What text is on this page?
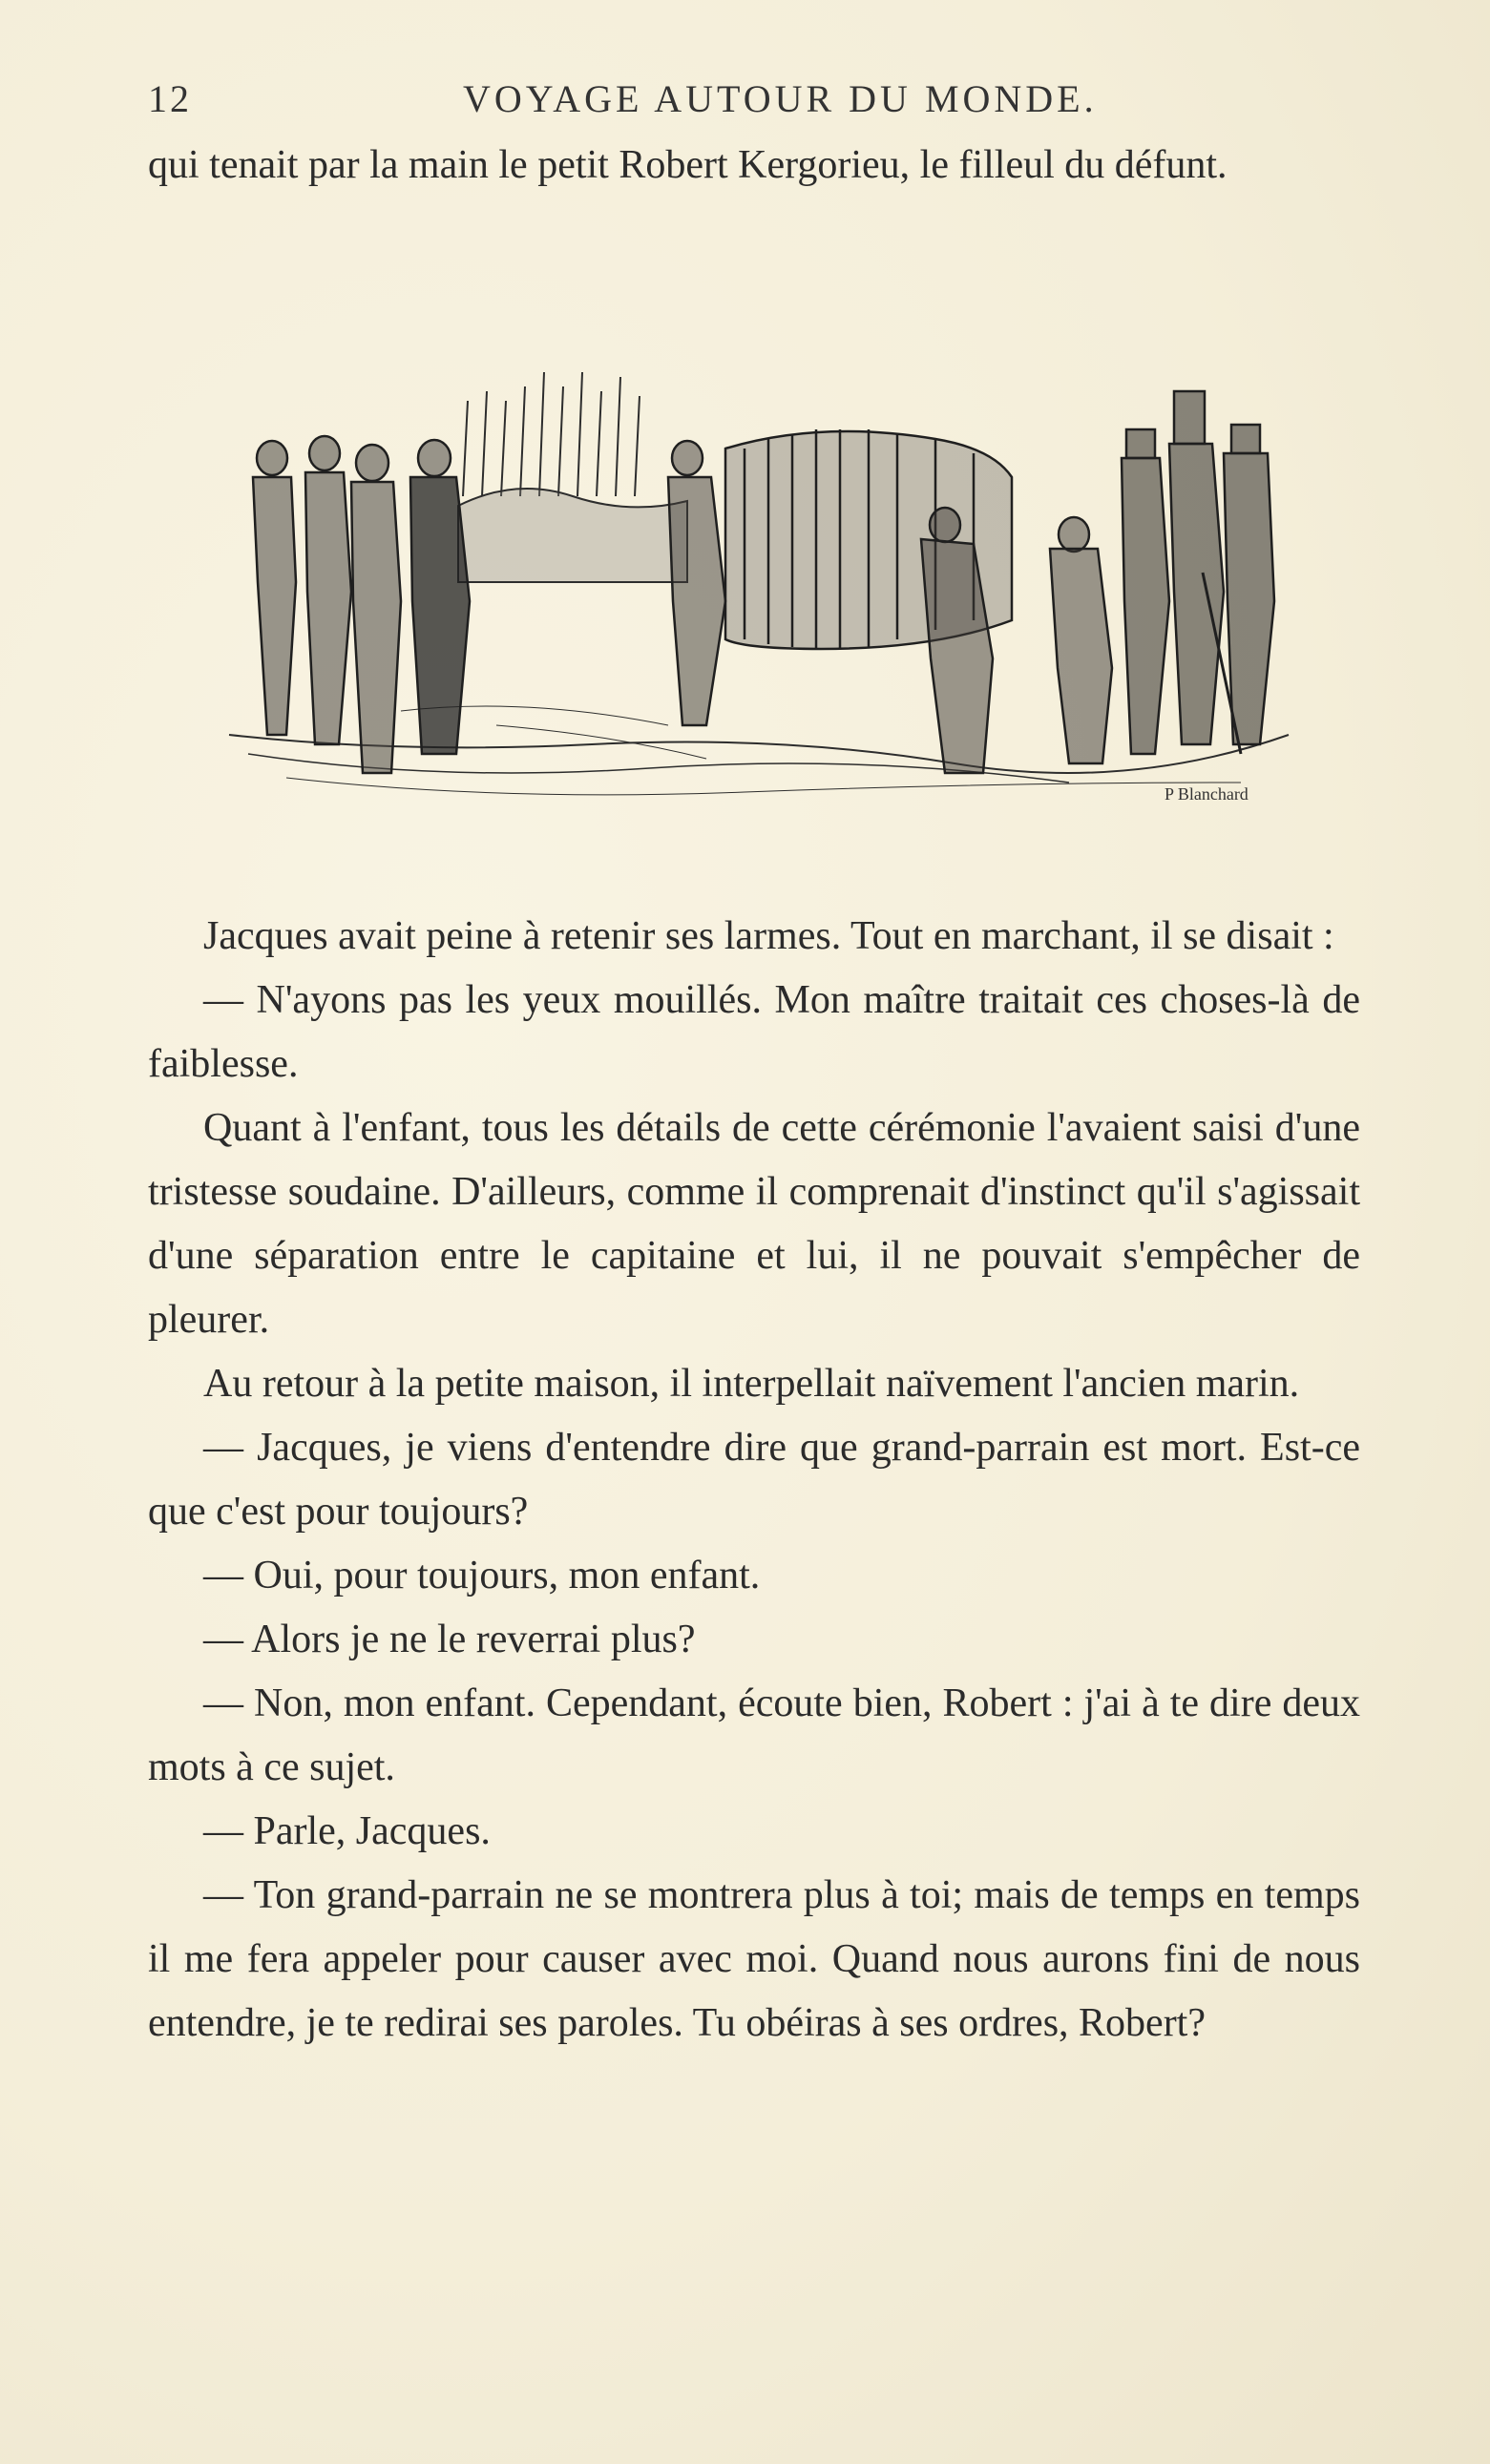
12	VOYAGE AUTOUR DU MONDE.

qui tenait par la main le petit Robert Kergorieu, le filleul du défunt.

P Blanchard

Jacques avait peine à retenir ses larmes. Tout en marchant, il se disait :

— N'ayons pas les yeux mouillés. Mon maître traitait ces choses-là de faiblesse.

Quant à l'enfant, tous les détails de cette cérémonie l'avaient saisi d'une tristesse soudaine. D'ailleurs, comme il comprenait d'instinct qu'il s'agissait d'une séparation entre le capitaine et lui, il ne pouvait s'empêcher de pleurer.

Au retour à la petite maison, il interpellait naïvement l'ancien marin.

— Jacques, je viens d'entendre dire que grand-parrain est mort. Est-ce que c'est pour toujours?

— Oui, pour toujours, mon enfant.

— Alors je ne le reverrai plus?

— Non, mon enfant. Cependant, écoute bien, Robert : j'ai à te dire deux mots à ce sujet.

— Parle, Jacques.

— Ton grand-parrain ne se montrera plus à toi; mais de temps en temps il me fera appeler pour causer avec moi. Quand nous aurons fini de nous entendre, je te redirai ses paroles. Tu obéiras à ses ordres, Robert?
